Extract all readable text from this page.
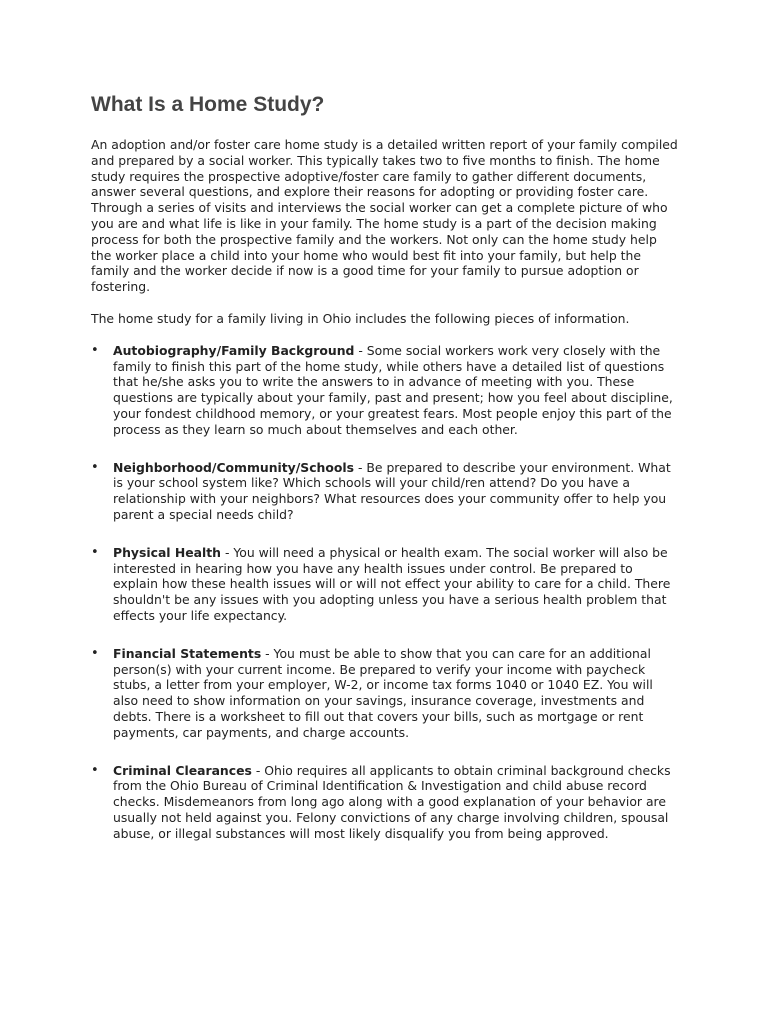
What Is a Home Study?

An adoption and/or foster care home study is a detailed written report of your family compiled and prepared by a social worker. This typically takes two to five months to finish. The home study requires the prospective adoptive/foster care family to gather different documents, answer several questions, and explore their reasons for adopting or providing foster care. Through a series of visits and interviews the social worker can get a complete picture of who you are and what life is like in your family. The home study is a part of the decision making process for both the prospective family and the workers. Not only can the home study help the worker place a child into your home who would best fit into your family, but help the family and the worker decide if now is a good time for your family to pursue adoption or fostering.

The home study for a family living in Ohio includes the following pieces of information.

• Autobiography/Family Background - Some social workers work very closely with the family to finish this part of the home study, while others have a detailed list of questions that he/she asks you to write the answers to in advance of meeting with you. These questions are typically about your family, past and present; how you feel about discipline, your fondest childhood memory, or your greatest fears. Most people enjoy this part of the process as they learn so much about themselves and each other.
• Neighborhood/Community/Schools - Be prepared to describe your environment. What is your school system like? Which schools will your child/ren attend? Do you have a relationship with your neighbors? What resources does your community offer to help you parent a special needs child?
• Physical Health - You will need a physical or health exam. The social worker will also be interested in hearing how you have any health issues under control. Be prepared to explain how these health issues will or will not effect your ability to care for a child. There shouldn't be any issues with you adopting unless you have a serious health problem that effects your life expectancy.
• Financial Statements - You must be able to show that you can care for an additional person(s) with your current income. Be prepared to verify your income with paycheck stubs, a letter from your employer, W-2, or income tax forms 1040 or 1040 EZ. You will also need to show information on your savings, insurance coverage, investments and debts. There is a worksheet to fill out that covers your bills, such as mortgage or rent payments, car payments, and charge accounts.
• Criminal Clearances - Ohio requires all applicants to obtain criminal background checks from the Ohio Bureau of Criminal Identification & Investigation and child abuse record checks. Misdemeanors from long ago along with a good explanation of your behavior are usually not held against you. Felony convictions of any charge involving children, spousal abuse, or illegal substances will most likely disqualify you from being approved.
